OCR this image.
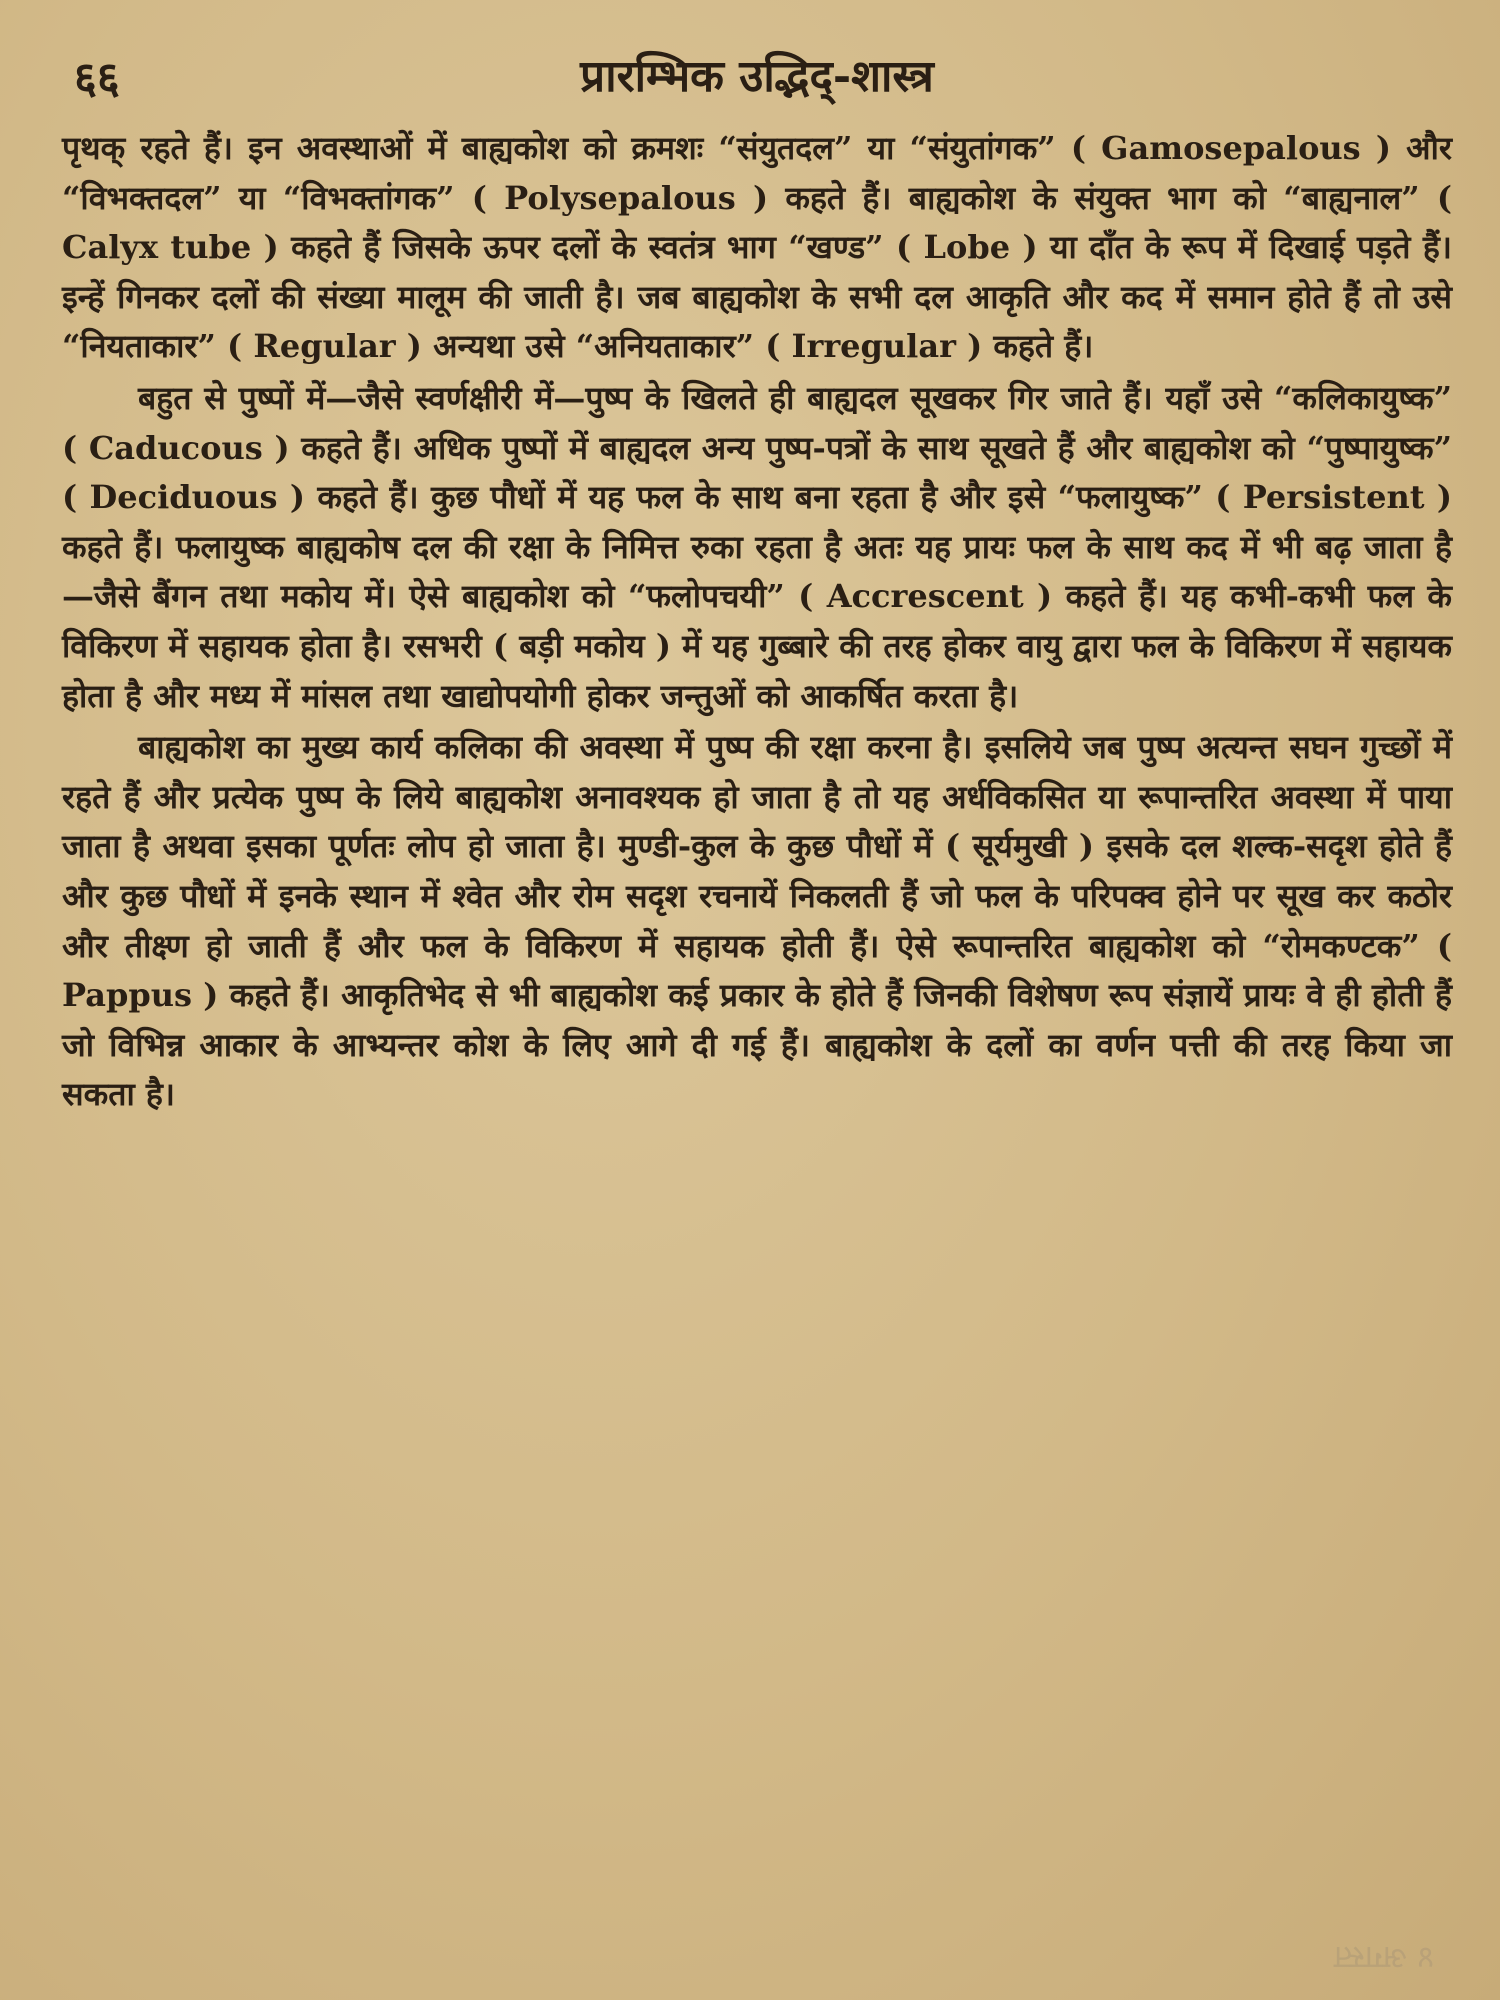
६६	प्रारम्भिक उद्भिद्-शास्त्र

पृथक् रहते हैं। इन अवस्थाओं में बाह्यकोश को क्रमशः “संयुतदल” या “संयुतांगक” ( Gamosepalous ) और “विभक्तदल” या “विभक्तांगक” ( Polysepalous ) कहते हैं। बाह्यकोश के संयुक्त भाग को “बाह्यनाल” ( Calyx tube ) कहते हैं जिसके ऊपर दलों के स्वतंत्र भाग “खण्ड” ( Lobe ) या दाँत के रूप में दिखाई पड़ते हैं। इन्हें गिनकर दलों की संख्या मालूम की जाती है। जब बाह्यकोश के सभी दल आकृति और कद में समान होते हैं तो उसे “नियताकार” ( Regular ) अन्यथा उसे “अनियताकार” ( Irregular ) कहते हैं।

बहुत से पुष्पों में—जैसे स्वर्णक्षीरी में—पुष्प के खिलते ही बाह्यदल सूखकर गिर जाते हैं। यहाँ उसे “कलिकायुष्क” ( Caducous ) कहते हैं। अधिक पुष्पों में बाह्यदल अन्य पुष्प-पत्रों के साथ सूखते हैं और बाह्यकोश को “पुष्पायुष्क” ( Deciduous ) कहते हैं। कुछ पौधों में यह फल के साथ बना रहता है और इसे “फलायुष्क” ( Persistent ) कहते हैं। फलायुष्क बाह्यकोष दल की रक्षा के निमित्त रुका रहता है अतः यह प्रायः फल के साथ कद में भी बढ़ जाता है—जैसे बैंगन तथा मकोय में। ऐसे बाह्यकोश को “फलोपचयी” ( Accrescent ) कहते हैं। यह कभी-कभी फल के विकिरण में सहायक होता है। रसभरी ( बड़ी मकोय ) में यह गुब्बारे की तरह होकर वायु द्वारा फल के विकिरण में सहायक होता है और मध्य में मांसल तथा खाद्योपयोगी होकर जन्तुओं को आकर्षित करता है।

बाह्यकोश का मुख्य कार्य कलिका की अवस्था में पुष्प की रक्षा करना है। इसलिये जब पुष्प अत्यन्त सघन गुच्छों में रहते हैं और प्रत्येक पुष्प के लिये बाह्यकोश अनावश्यक हो जाता है तो यह अर्धविकसित या रूपान्तरित अवस्था में पाया जाता है अथवा इसका पूर्णतः लोप हो जाता है। मुण्डी-कुल के कुछ पौधों में ( सूर्यमुखी ) इसके दल शल्क-सदृश होते हैं और कुछ पौधों में इनके स्थान में श्वेत और रोम सदृश रचनायें निकलती हैं जो फल के परिपक्व होने पर सूख कर कठोर और तीक्ष्ण हो जाती हैं और फल के विकिरण में सहायक होती हैं। ऐसे रूपान्तरित बाह्यकोश को “रोमकण्टक” ( Pappus ) कहते हैं। आकृतिभेद से भी बाह्यकोश कई प्रकार के होते हैं जिनकी विशेषण रूप संज्ञायें प्रायः वे ही होती हैं जो विभिन्न आकार के आभ्यन्तर कोश के लिए आगे दी गई हैं। बाह्यकोश के दलों का वर्णन पत्ती की तरह किया जा सकता है।

४ अगस्त
